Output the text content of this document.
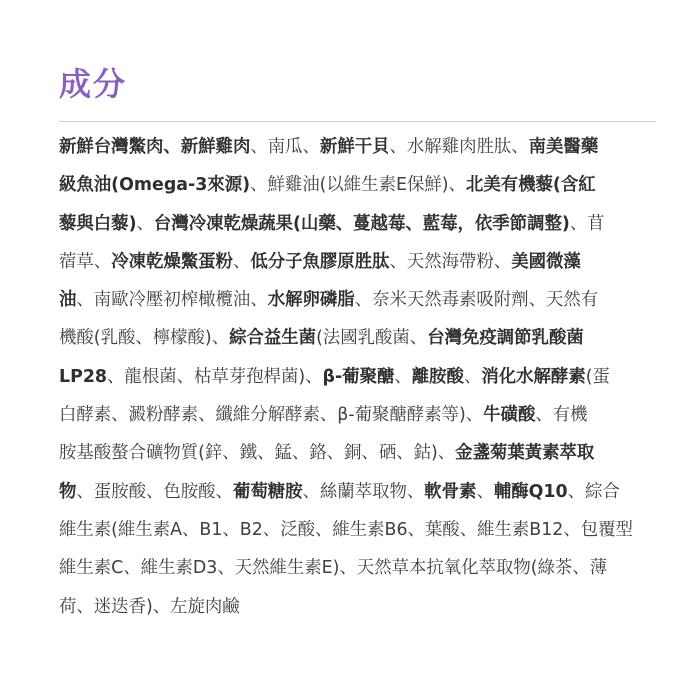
成分
新鮮台灣鱉肉、新鮮雞肉、南瓜、新鮮干貝、水解雞肉胜肽、南美醫藥
級魚油(Omega-3來源)、鮮雞油(以維生素E保鮮)、北美有機藜(含紅
藜與白藜)、台灣冷凍乾燥蔬果(山藥、蔓越莓、藍莓，依季節調整)、苜
蓿草、冷凍乾燥鱉蛋粉、低分子魚膠原胜肽、天然海帶粉、美國微藻
油、南歐冷壓初榨橄欖油、水解卵磷脂、奈米天然毒素吸附劑、天然有
機酸(乳酸、檸檬酸)、綜合益生菌(法國乳酸菌、台灣免疫調節乳酸菌
LP28、龍根菌、枯草芽孢桿菌)、β-葡聚醣、離胺酸、消化水解酵素(蛋
白酵素、澱粉酵素、纖維分解酵素、β-葡聚醣酵素等)、牛磺酸、有機
胺基酸螯合礦物質(鋅、鐵、錳、鉻、銅、硒、鈷)、金盞菊葉黃素萃取
物、蛋胺酸、色胺酸、葡萄糖胺、絲蘭萃取物、軟骨素、輔酶Q10、綜合
維生素(維生素A、B1、B2、泛酸、維生素B6、葉酸、維生素B12、包覆型
維生素C、維生素D3、天然維生素E)、天然草本抗氧化萃取物(綠茶、薄
荷、迷迭香)、左旋肉鹼
